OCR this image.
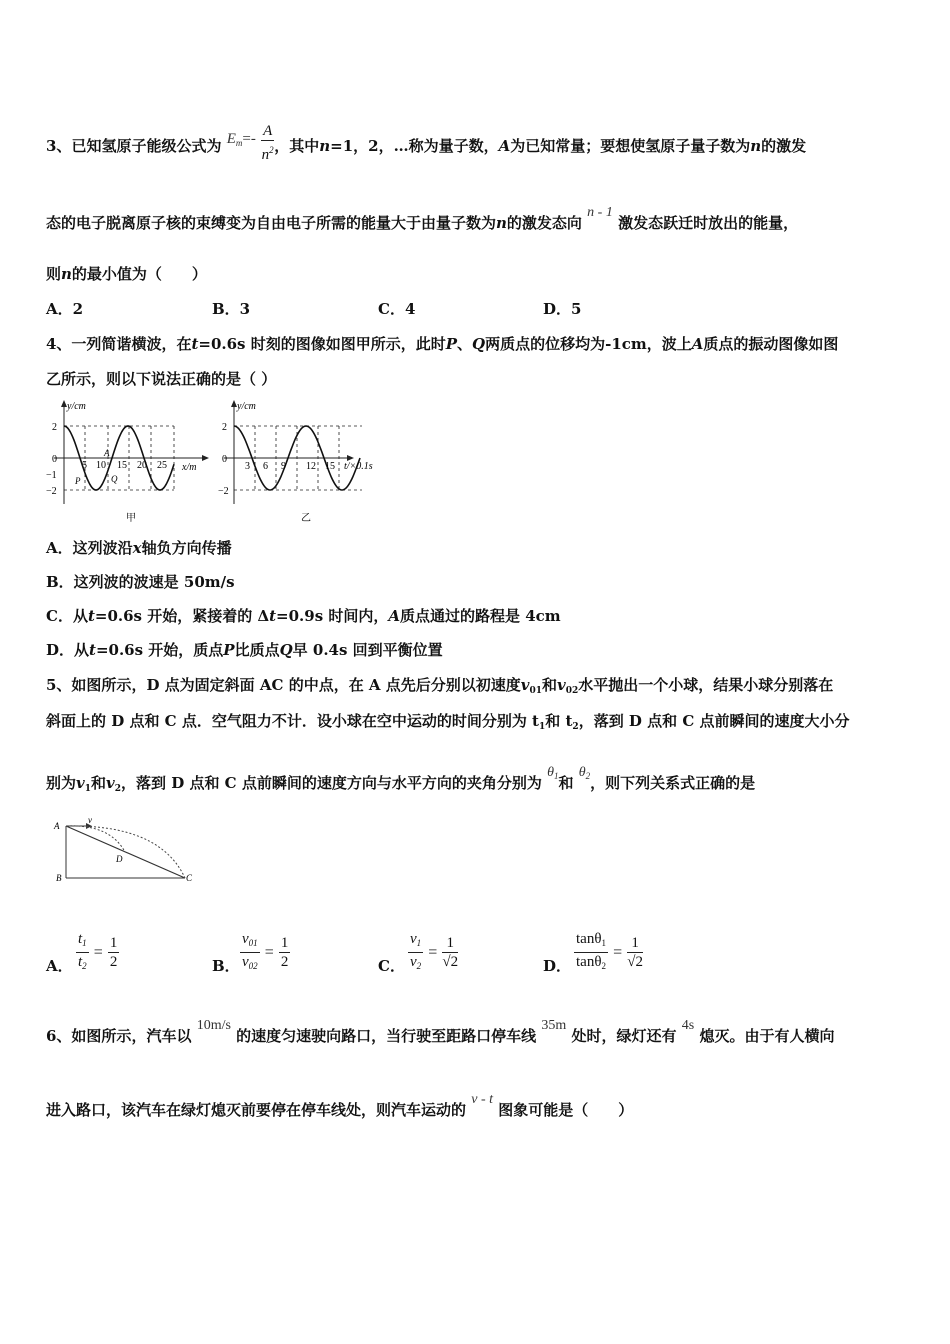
3、已知氢原子能级公式为 $E_m=- \frac{A}{n^2}$ ，其中n=1，2，…称为量子数，A为已知常量；要想使氢原子量子数为n的激发
态的电子脱离原子核的束缚变为自由电子所需的能量大于由量子数为n的激发态向 n - 1 激发态跃迁时放出的能量，
则n的最小值为（　　）
A．2	B．3	C．4	D．5
4、一列简谐横波，在t=0.6s 时刻的图像如图甲所示，此时P、Q两质点的位移均为-1cm，波上A质点的振动图像如图
乙所示，则以下说法正确的是（ ）
y/cm
x/m
2
0
−1
−2
5 10 15 20 25
A
P	Q
甲
y/cm
t/×0.1s
2
0
−2
3 6 9 12 15
乙
A．这列波沿x轴负方向传播
B．这列波的波速是 50m/s
C．从t=0.6s 开始，紧接着的 Δt=0.9s 时间内，A质点通过的路程是 4cm
D．从t=0.6s 开始，质点P比质点Q早 0.4s 回到平衡位置
5、如图所示，D 点为固定斜面 AC 的中点，在 A 点先后分别以初速度$v_{01}$和$v_{02}$水平抛出一个小球，结果小球分别落在
斜面上的 D 点和 C 点．空气阻力不计．设小球在空中运动的时间分别为 $t_1$和 $t_2$，落到 D 点和 C 点前瞬间的速度大小分
别为$v_1$和$v_2$，落到 D 点和 C 点前瞬间的速度方向与水平方向的夹角分别为 $\theta_1$和 $\theta_2$，则下列关系式正确的是
A
v
D
B	C
A． $\frac{t_1}{t_2} = \frac{1}{2}$	B． $\frac{v_{01}}{v_{02}} = \frac{1}{2}$	C． $\frac{v_1}{v_2} = \frac{1}{√2}$	D． $\frac{\tan\theta_1}{\tan\theta_2} = \frac{1}{√2}$
6、如图所示，汽车以 10m/s 的速度匀速驶向路口，当行驶至距路口停车线 35m 处时，绿灯还有 4s 熄灭。由于有人横向
进入路口，该汽车在绿灯熄灭前要停在停车线处，则汽车运动的 v - t 图象可能是（　　）
